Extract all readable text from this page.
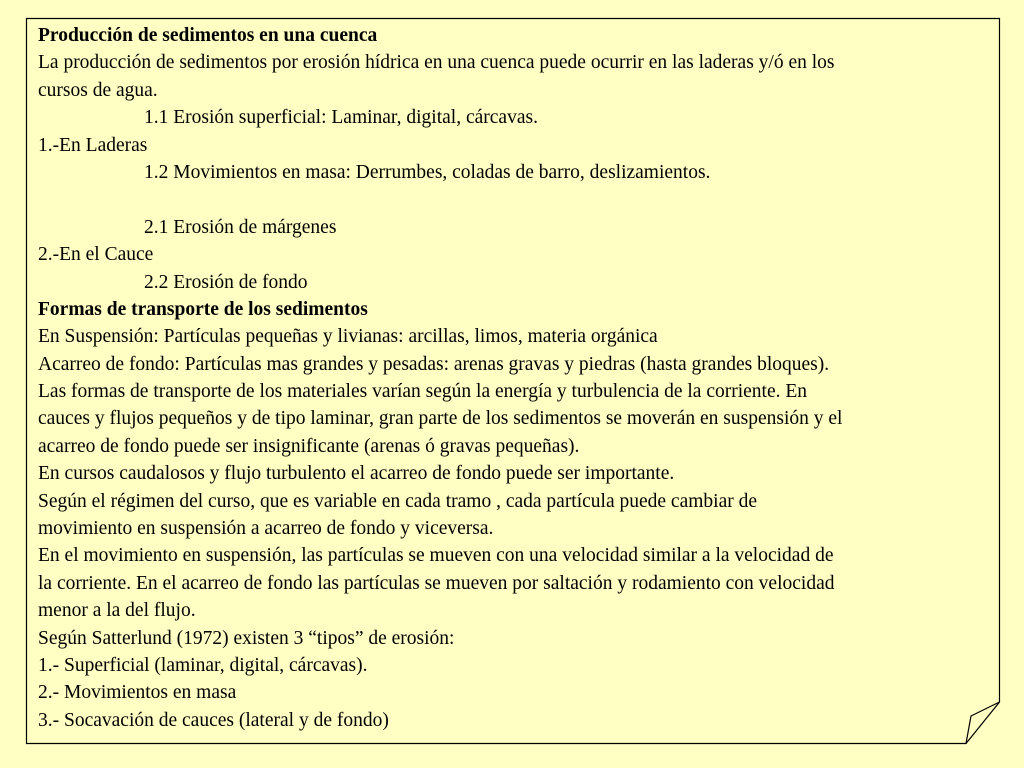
Producción de sedimentos en una cuenca
La producción de sedimentos por erosión hídrica en una cuenca puede ocurrir en las laderas y/ó en los
cursos de agua.
1.1 Erosión superficial: Laminar, digital, cárcavas.
1.-En Laderas
1.2 Movimientos en masa: Derrumbes, coladas de barro, deslizamientos.
2.1 Erosión de márgenes
2.-En el Cauce
2.2 Erosión de fondo
Formas de transporte de los sedimentos
En Suspensión: Partículas pequeñas y livianas: arcillas, limos, materia orgánica
Acarreo de fondo: Partículas mas grandes y pesadas: arenas gravas y piedras (hasta grandes bloques).
Las formas de transporte de los materiales varían según la energía y turbulencia de la corriente. En
cauces y flujos pequeños y de tipo laminar, gran parte de los sedimentos se moverán en suspensión y el
acarreo de fondo puede ser insignificante (arenas ó gravas pequeñas).
En cursos caudalosos y flujo turbulento el acarreo de fondo puede ser importante.
Según el régimen del curso, que es variable en cada tramo , cada partícula puede cambiar de
movimiento en suspensión a acarreo de fondo y viceversa.
En el movimiento en suspensión, las partículas se mueven con una velocidad similar a la velocidad de
la corriente. En el acarreo de fondo las partículas se mueven por saltación y rodamiento con velocidad
menor a la del flujo.
Según Satterlund (1972) existen 3 “tipos” de erosión:
1.- Superficial (laminar, digital, cárcavas).
2.- Movimientos en masa
3.- Socavación de cauces (lateral y de fondo)
